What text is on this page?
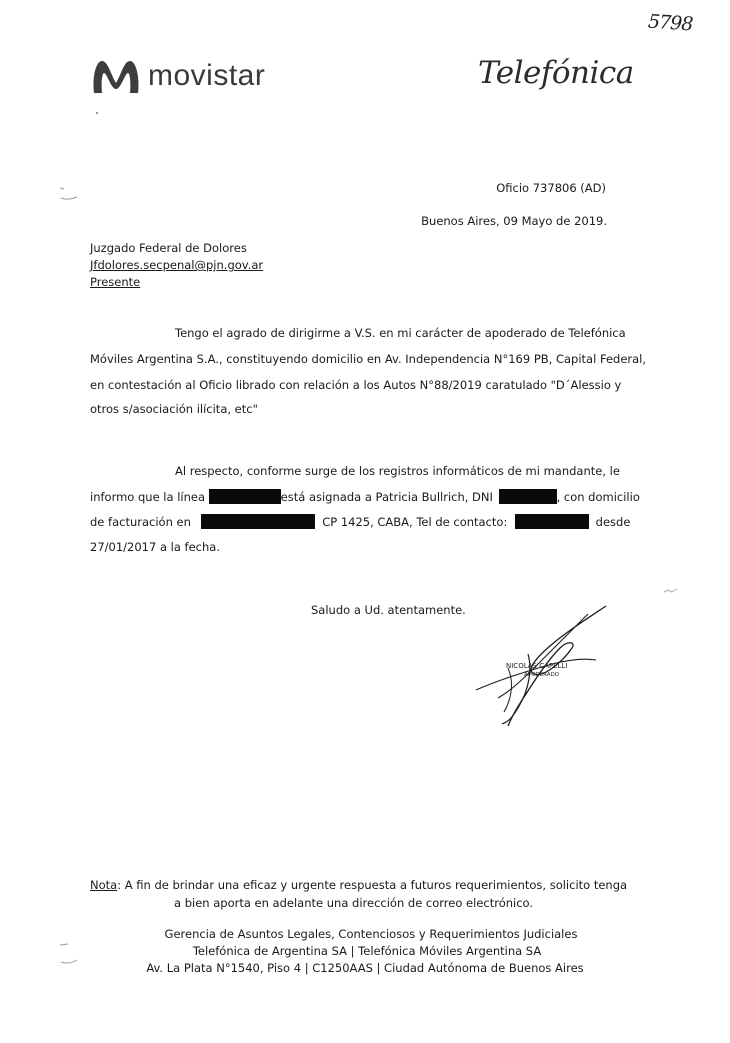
5798
movistar	Telefónica
Oficio 737806 (AD)
Buenos Aires, 09 Mayo de 2019.
Juzgado Federal de Dolores
Jfdolores.secpenal@pjn.gov.ar
Presente
Tengo el agrado de dirigirme a V.S. en mi carácter de apoderado de Telefónica
Móviles Argentina S.A., constituyendo domicilio en Av. Independencia N°169 PB, Capital Federal,
en contestación al Oficio librado con relación a los Autos N°88/2019 caratulado "D´Alessio y
otros s/asociación ilícita, etc"
Al respecto, conforme surge de los registros informáticos de mi mandante, le
informo que la línea	está asignada a Patricia Bullrich, DNI	, con domicilio
de facturación en	CP 1425, CABA, Tel de contacto:	desde
27/01/2017 a la fecha.
Saludo a Ud. atentamente.
NICOLAS CAPELLI
APODERADO
Nota: A fin de brindar una eficaz y urgente respuesta a futuros requerimientos, solicito tenga
a bien aporta en adelante una dirección de correo electrónico.
Gerencia de Asuntos Legales, Contenciosos y Requerimientos Judiciales
Telefónica de Argentina SA | Telefónica Móviles Argentina SA
Av. La Plata N°1540, Piso 4 | C1250AAS | Ciudad Autónoma de Buenos Aires
